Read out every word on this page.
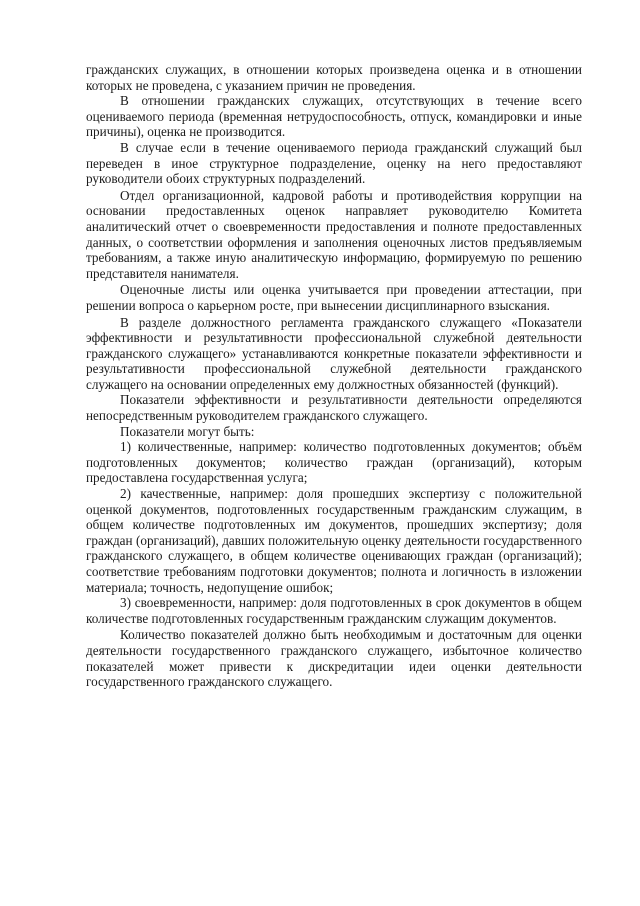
гражданских служащих, в отношении которых произведена оценка и в отношении которых не проведена, с указанием причин не проведения.

В отношении гражданских служащих, отсутствующих в течение всего оцениваемого периода (временная нетрудоспособность, отпуск, командировки и иные причины), оценка не производится.

В случае если в течение оцениваемого периода гражданский служащий был переведен в иное структурное подразделение, оценку на него предоставляют руководители обоих структурных подразделений.

Отдел организационной, кадровой работы и противодействия коррупции на основании предоставленных оценок направляет руководителю Комитета аналитический отчет о своевременности предоставления и полноте предоставленных данных, о соответствии оформления и заполнения оценочных листов предъявляемым требованиям, а также иную аналитическую информацию, формируемую по решению представителя нанимателя.

Оценочные листы или оценка учитывается при проведении аттестации, при решении вопроса о карьерном росте, при вынесении дисциплинарного взыскания.

В разделе должностного регламента гражданского служащего «Показатели эффективности и результативности профессиональной служебной деятельности гражданского служащего» устанавливаются конкретные показатели эффективности и результативности профессиональной служебной деятельности гражданского служащего на основании определенных ему должностных обязанностей (функций).

Показатели эффективности и результативности деятельности определяются непосредственным руководителем гражданского служащего.

Показатели могут быть:

1) количественные, например: количество подготовленных документов; объём подготовленных документов; количество граждан (организаций), которым предоставлена государственная услуга;

2) качественные, например: доля прошедших экспертизу с положительной оценкой документов, подготовленных государственным гражданским служащим, в общем количестве подготовленных им документов, прошедших экспертизу; доля граждан (организаций), давших положительную оценку деятельности государственного гражданского служащего, в общем количестве оценивающих граждан (организаций); соответствие требованиям подготовки документов; полнота и логичность в изложении материала; точность, недопущение ошибок;

3) своевременности, например: доля подготовленных в срок документов в общем количестве подготовленных государственным гражданским служащим документов.

Количество показателей должно быть необходимым и достаточным для оценки деятельности государственного гражданского служащего, избыточное количество показателей может привести к дискредитации идеи оценки деятельности государственного гражданского служащего.
